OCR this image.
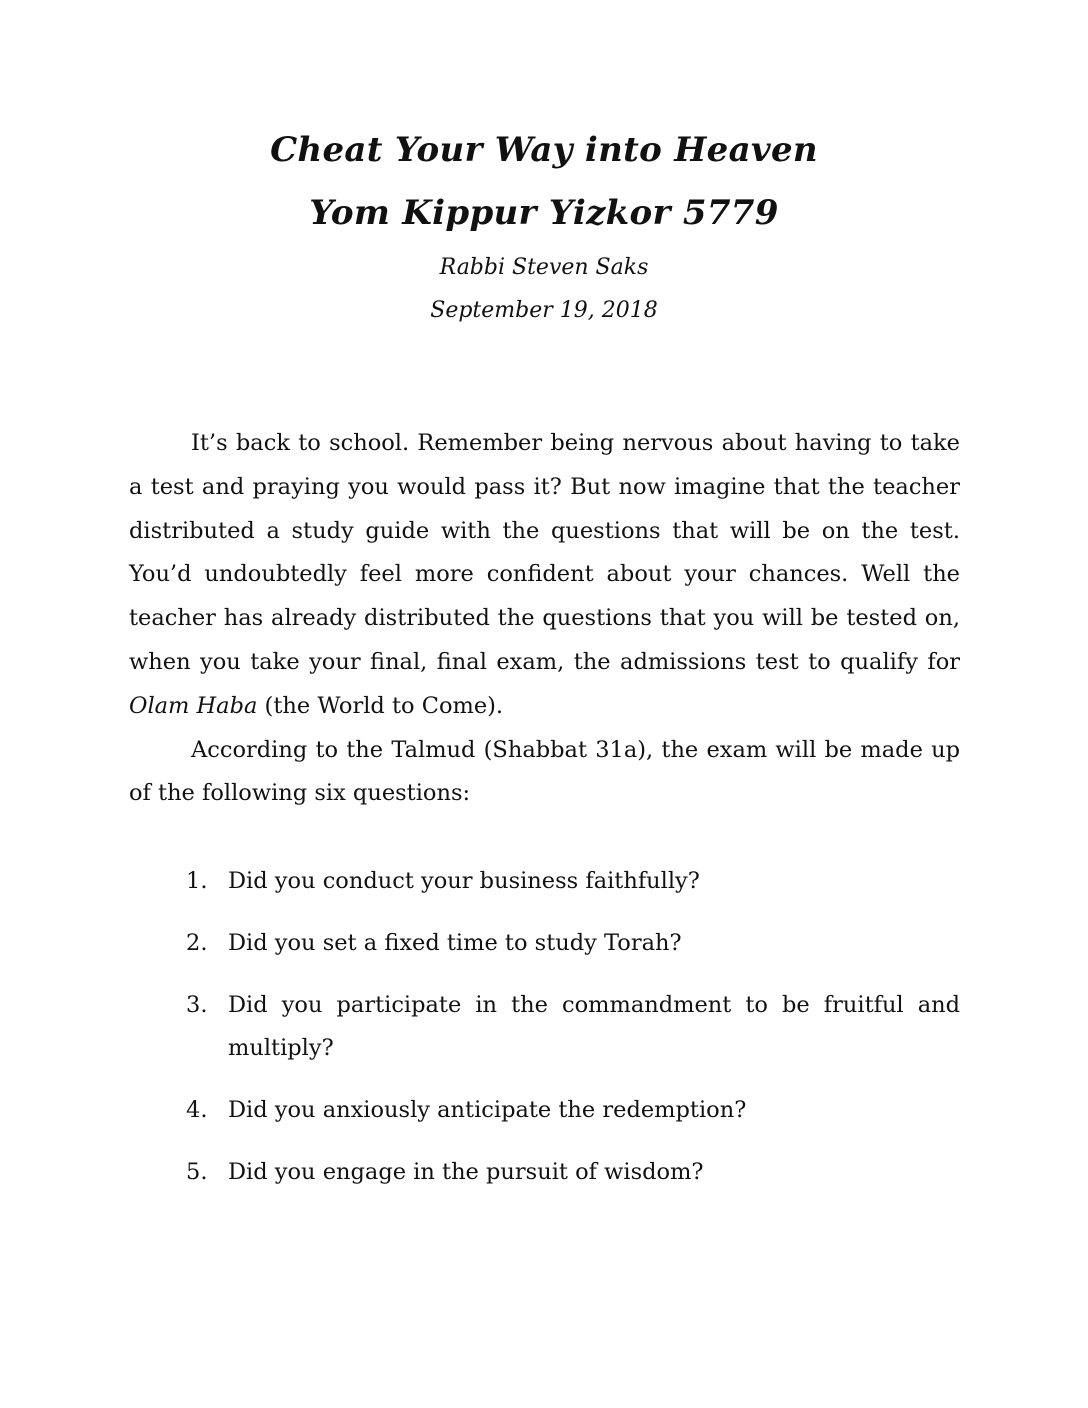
Cheat Your Way into Heaven
Yom Kippur Yizkor 5779

Rabbi Steven Saks

September 19, 2018

It’s back to school. Remember being nervous about having to take a test and praying you would pass it? But now imagine that the teacher distributed a study guide with the questions that will be on the test. You’d undoubtedly feel more confident about your chances. Well the teacher has already distributed the questions that you will be tested on, when you take your final, final exam, the admissions test to qualify for Olam Haba (the World to Come).

According to the Talmud (Shabbat 31a), the exam will be made up of the following six questions:

1. Did you conduct your business faithfully?
2. Did you set a fixed time to study Torah?
3. Did you participate in the commandment to be fruitful and multiply?
4. Did you anxiously anticipate the redemption?
5. Did you engage in the pursuit of wisdom?
